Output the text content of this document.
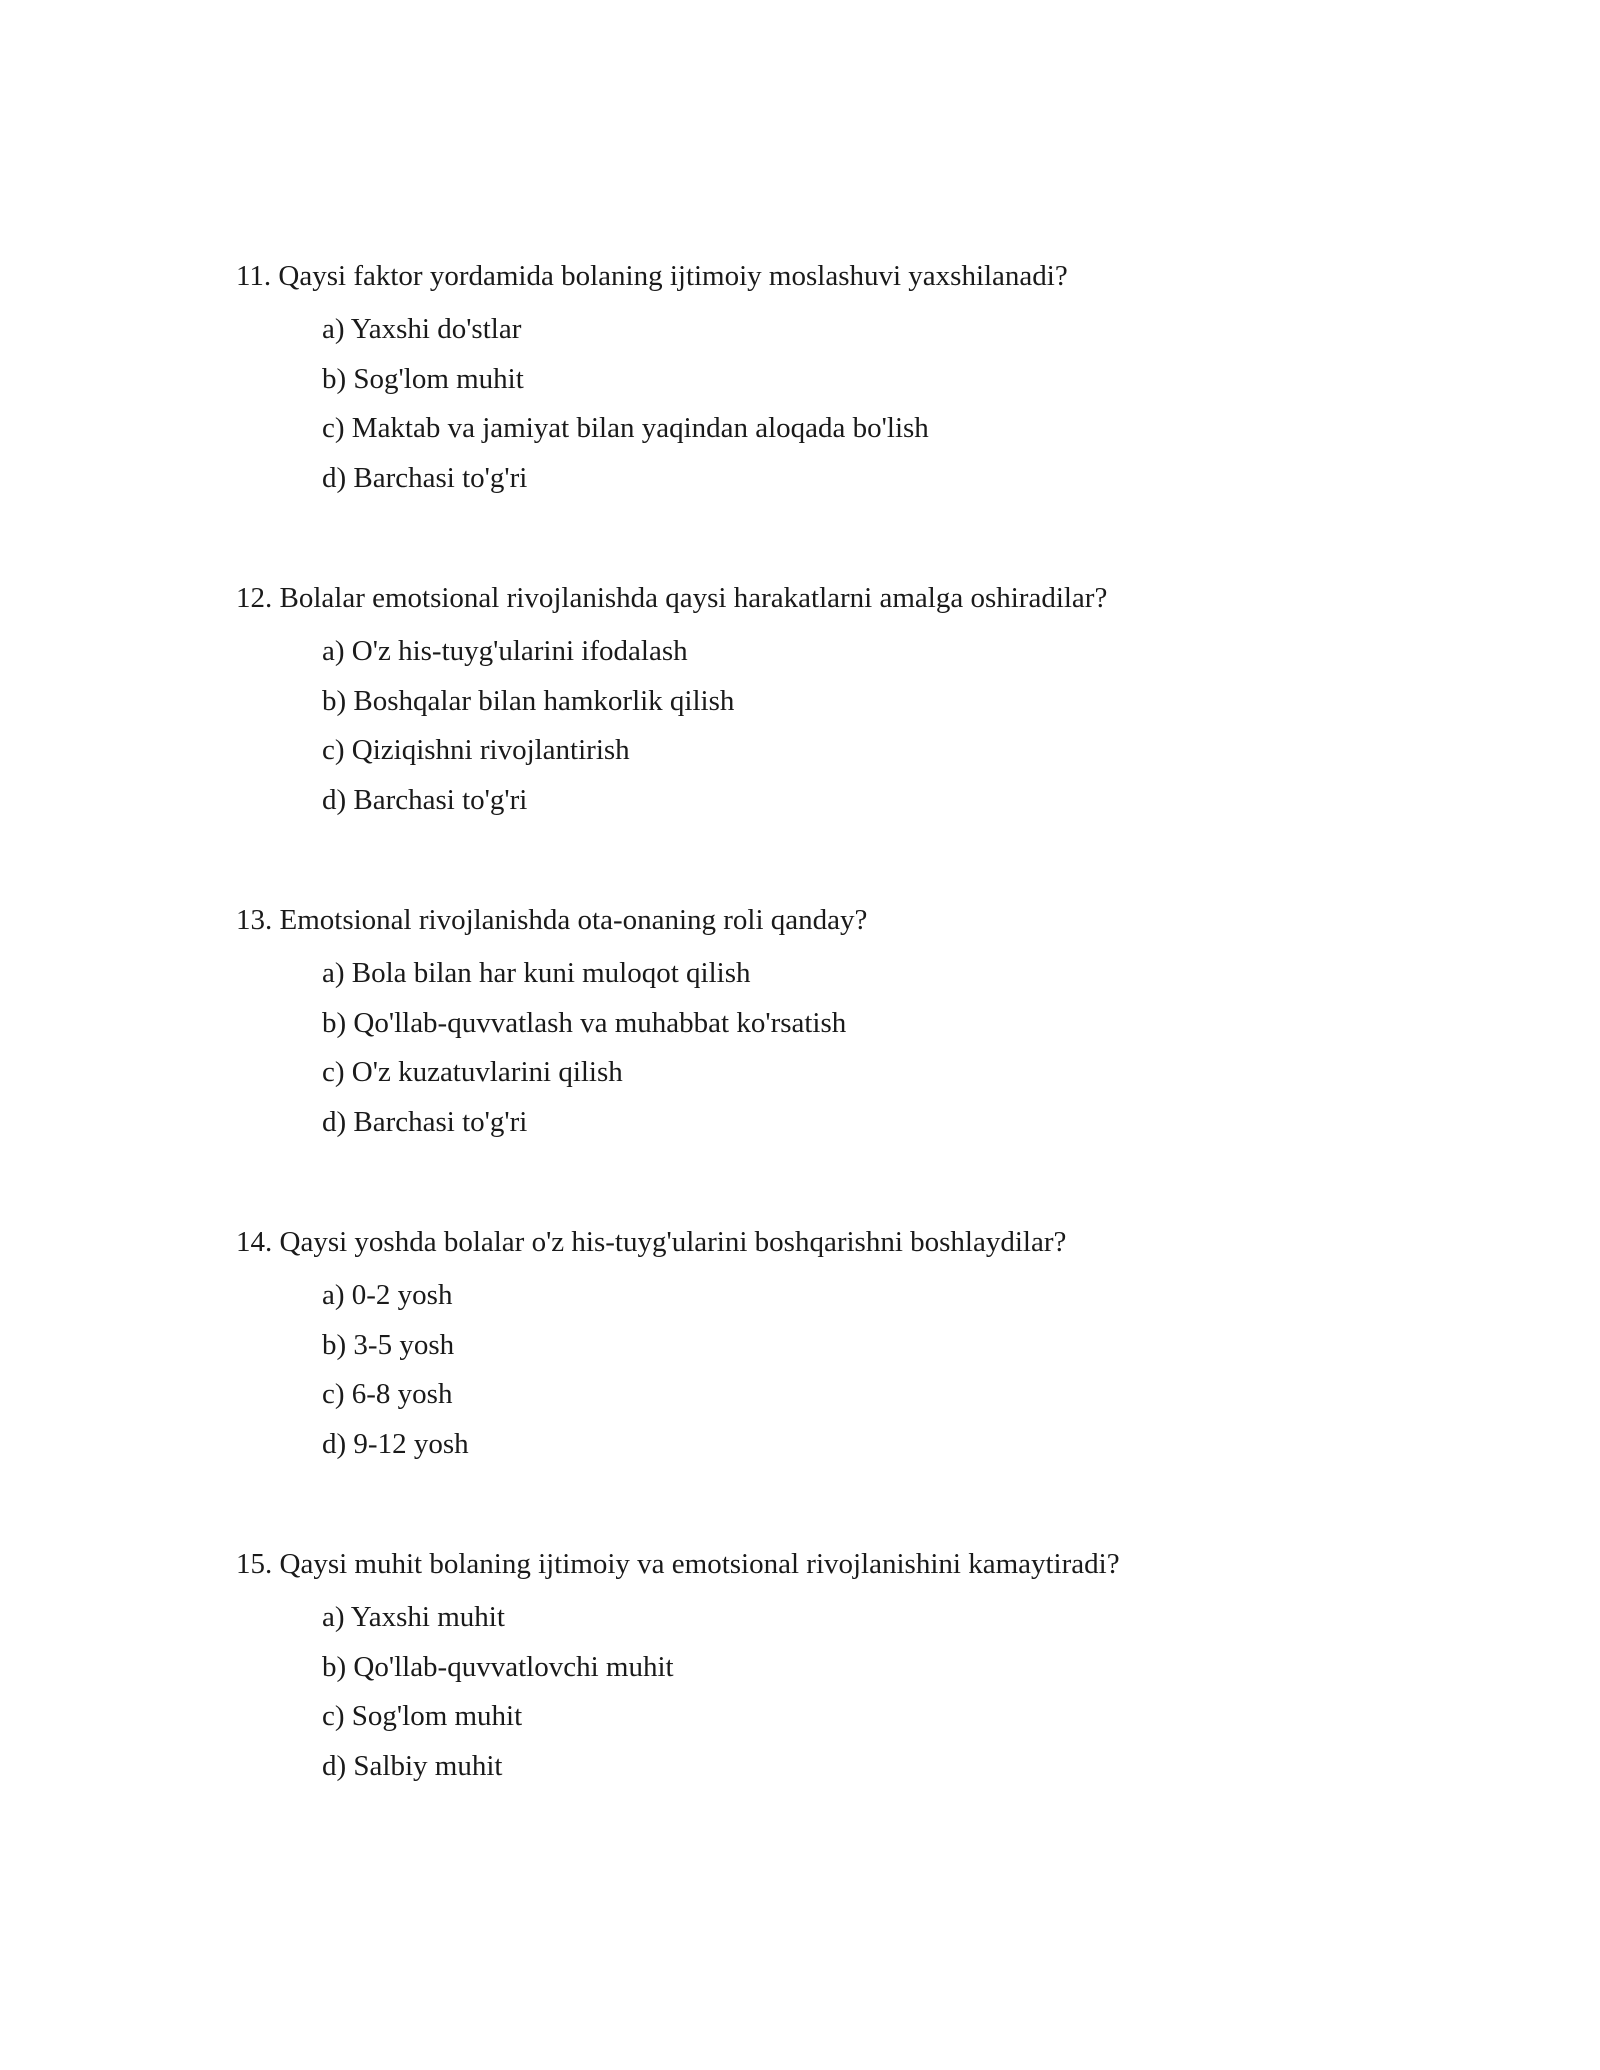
11. Qaysi faktor yordamida bolaning ijtimoiy moslashuvi yaxshilanadi?

a) Yaxshi do'stlar
b) Sog'lom muhit
c) Maktab va jamiyat bilan yaqindan aloqada bo'lish
d) Barchasi to'g'ri

12. Bolalar emotsional rivojlanishda qaysi harakatlarni amalga oshiradilar?

a) O'z his-tuyg'ularini ifodalash
b) Boshqalar bilan hamkorlik qilish
c) Qiziqishni rivojlantirish
d) Barchasi to'g'ri

13. Emotsional rivojlanishda ota-onaning roli qanday?

a) Bola bilan har kuni muloqot qilish
b) Qo'llab-quvvatlash va muhabbat ko'rsatish
c) O'z kuzatuvlarini qilish
d) Barchasi to'g'ri

14. Qaysi yoshda bolalar o'z his-tuyg'ularini boshqarishni boshlaydilar?

a) 0-2 yosh
b) 3-5 yosh
c) 6-8 yosh
d) 9-12 yosh

15. Qaysi muhit bolaning ijtimoiy va emotsional rivojlanishini kamaytiradi?

a) Yaxshi muhit
b) Qo'llab-quvvatlovchi muhit
c) Sog'lom muhit
d) Salbiy muhit
